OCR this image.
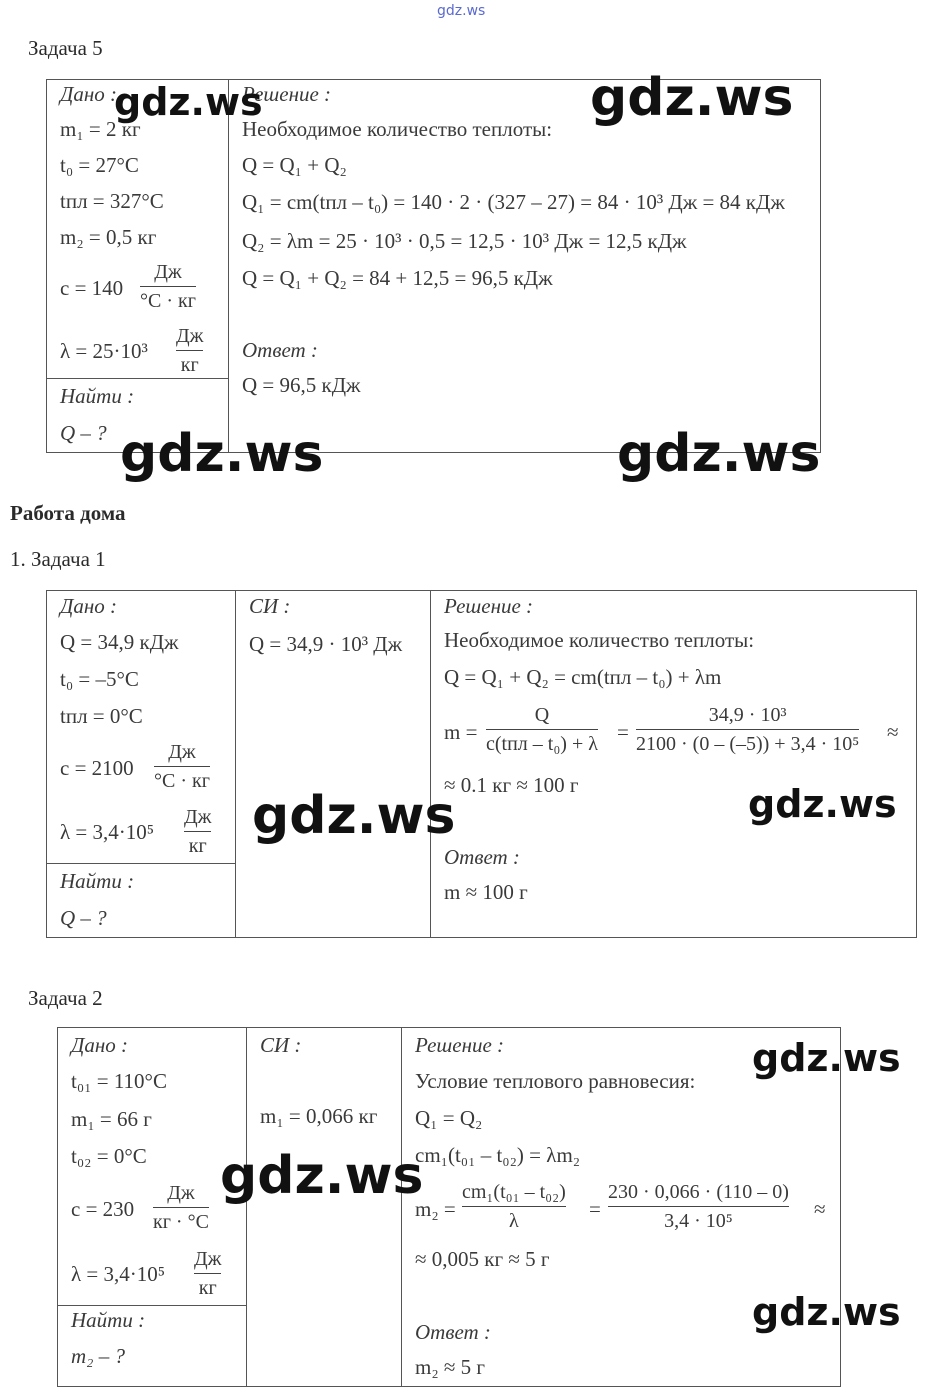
gdz.ws
Задача 5
Дано :
m₁ = 2 кг
t₀ = 27°C
tпл = 327°C
m₂ = 0,5 кг
c = 140
Дж
°C · кг
λ = 25·10³
Дж
кг
Найти :
Q – ?
Решение :
Необходимое количество теплоты:
Q = Q₁ + Q₂
Q₁ = cm(tпл – t₀) = 140 · 2 · (327 – 27) = 84 · 10³ Дж = 84 кДж
Q₂ = λm = 25 · 10³ · 0,5 = 12,5 · 10³ Дж = 12,5 кДж
Q = Q₁ + Q₂ = 84 + 12,5 = 96,5 кДж
Ответ :
Q = 96,5 кДж
gdz.ws	gdz.ws
gdz.ws	gdz.ws
Работа дома
1. Задача 1
Дано :
Q = 34,9 кДж
t₀ = –5°C
tпл = 0°C
c = 2100
Дж
°C · кг
λ = 3,4·10⁵
Дж
кг
Найти :
Q – ?
СИ :
Q = 34,9 · 10³ Дж
Решение :
Необходимое количество теплоты:
Q = Q₁ + Q₂ = cm(tпл – t₀) + λm
m =
Q
c(tпл – t₀) + λ =
34,9 · 10³
2100 · (0 – (–5)) + 3,4 · 10⁵ ≈
≈ 0.1 кг ≈ 100 г
Ответ :
m ≈ 100 г
gdz.ws	gdz.ws
Задача 2
Дано :
t₀₁ = 110°C
m₁ = 66 г
t₀₂ = 0°C
c = 230
Дж
кг · °C
λ = 3,4·10⁵
Дж
кг
Найти :
m₂ – ?
СИ :
m₁ = 0,066 кг
Решение :
Условие теплового равновесия:
Q₁ = Q₂
cm₁(t₀₁ – t₀₂) = λm₂
m₂ =
cm₁(t₀₁ – t₀₂)
λ	=
230 · 0,066 · (110 – 0)
3,4 · 10⁵	≈
≈ 0,005 кг ≈ 5 г
Ответ :
m₂ ≈ 5 г
gdz.ws
gdz.ws
gdz.ws
